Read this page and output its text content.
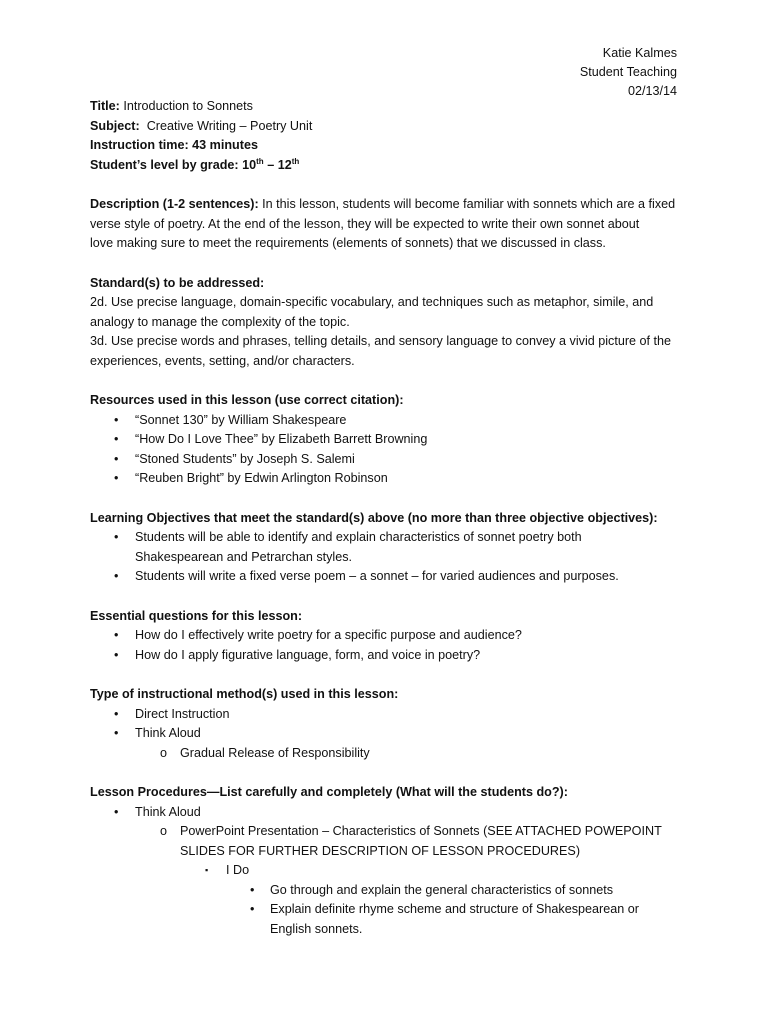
Katie Kalmes
Student Teaching
02/13/14
Title: Introduction to Sonnets
Subject: Creative Writing – Poetry Unit
Instruction time: 43 minutes
Student’s level by grade: 10th – 12th
Description (1-2 sentences): In this lesson, students will become familiar with sonnets which are a fixed
verse style of poetry. At the end of the lesson, they will be expected to write their own sonnet about
love making sure to meet the requirements (elements of sonnets) that we discussed in class.
Standard(s) to be addressed:
2d. Use precise language, domain-specific vocabulary, and techniques such as metaphor, simile, and
analogy to manage the complexity of the topic.
3d. Use precise words and phrases, telling details, and sensory language to convey a vivid picture of the
experiences, events, setting, and/or characters.
Resources used in this lesson (use correct citation):
• “Sonnet 130” by William Shakespeare
• “How Do I Love Thee” by Elizabeth Barrett Browning
• “Stoned Students” by Joseph S. Salemi
• “Reuben Bright” by Edwin Arlington Robinson
Learning Objectives that meet the standard(s) above (no more than three objective objectives):
• Students will be able to identify and explain characteristics of sonnet poetry both
Shakespearean and Petrarchan styles.
• Students will write a fixed verse poem – a sonnet – for varied audiences and purposes.
Essential questions for this lesson:
• How do I effectively write poetry for a specific purpose and audience?
• How do I apply figurative language, form, and voice in poetry?
Type of instructional method(s) used in this lesson:
• Direct Instruction
• Think Aloud
o Gradual Release of Responsibility
Lesson Procedures—List carefully and completely (What will the students do?):
• Think Aloud
o PowerPoint Presentation – Characteristics of Sonnets (SEE ATTACHED POWEPOINT
SLIDES FOR FURTHER DESCRIPTION OF LESSON PROCEDURES)
▪ I Do
• Go through and explain the general characteristics of sonnets
• Explain definite rhyme scheme and structure of Shakespearean or
English sonnets.
